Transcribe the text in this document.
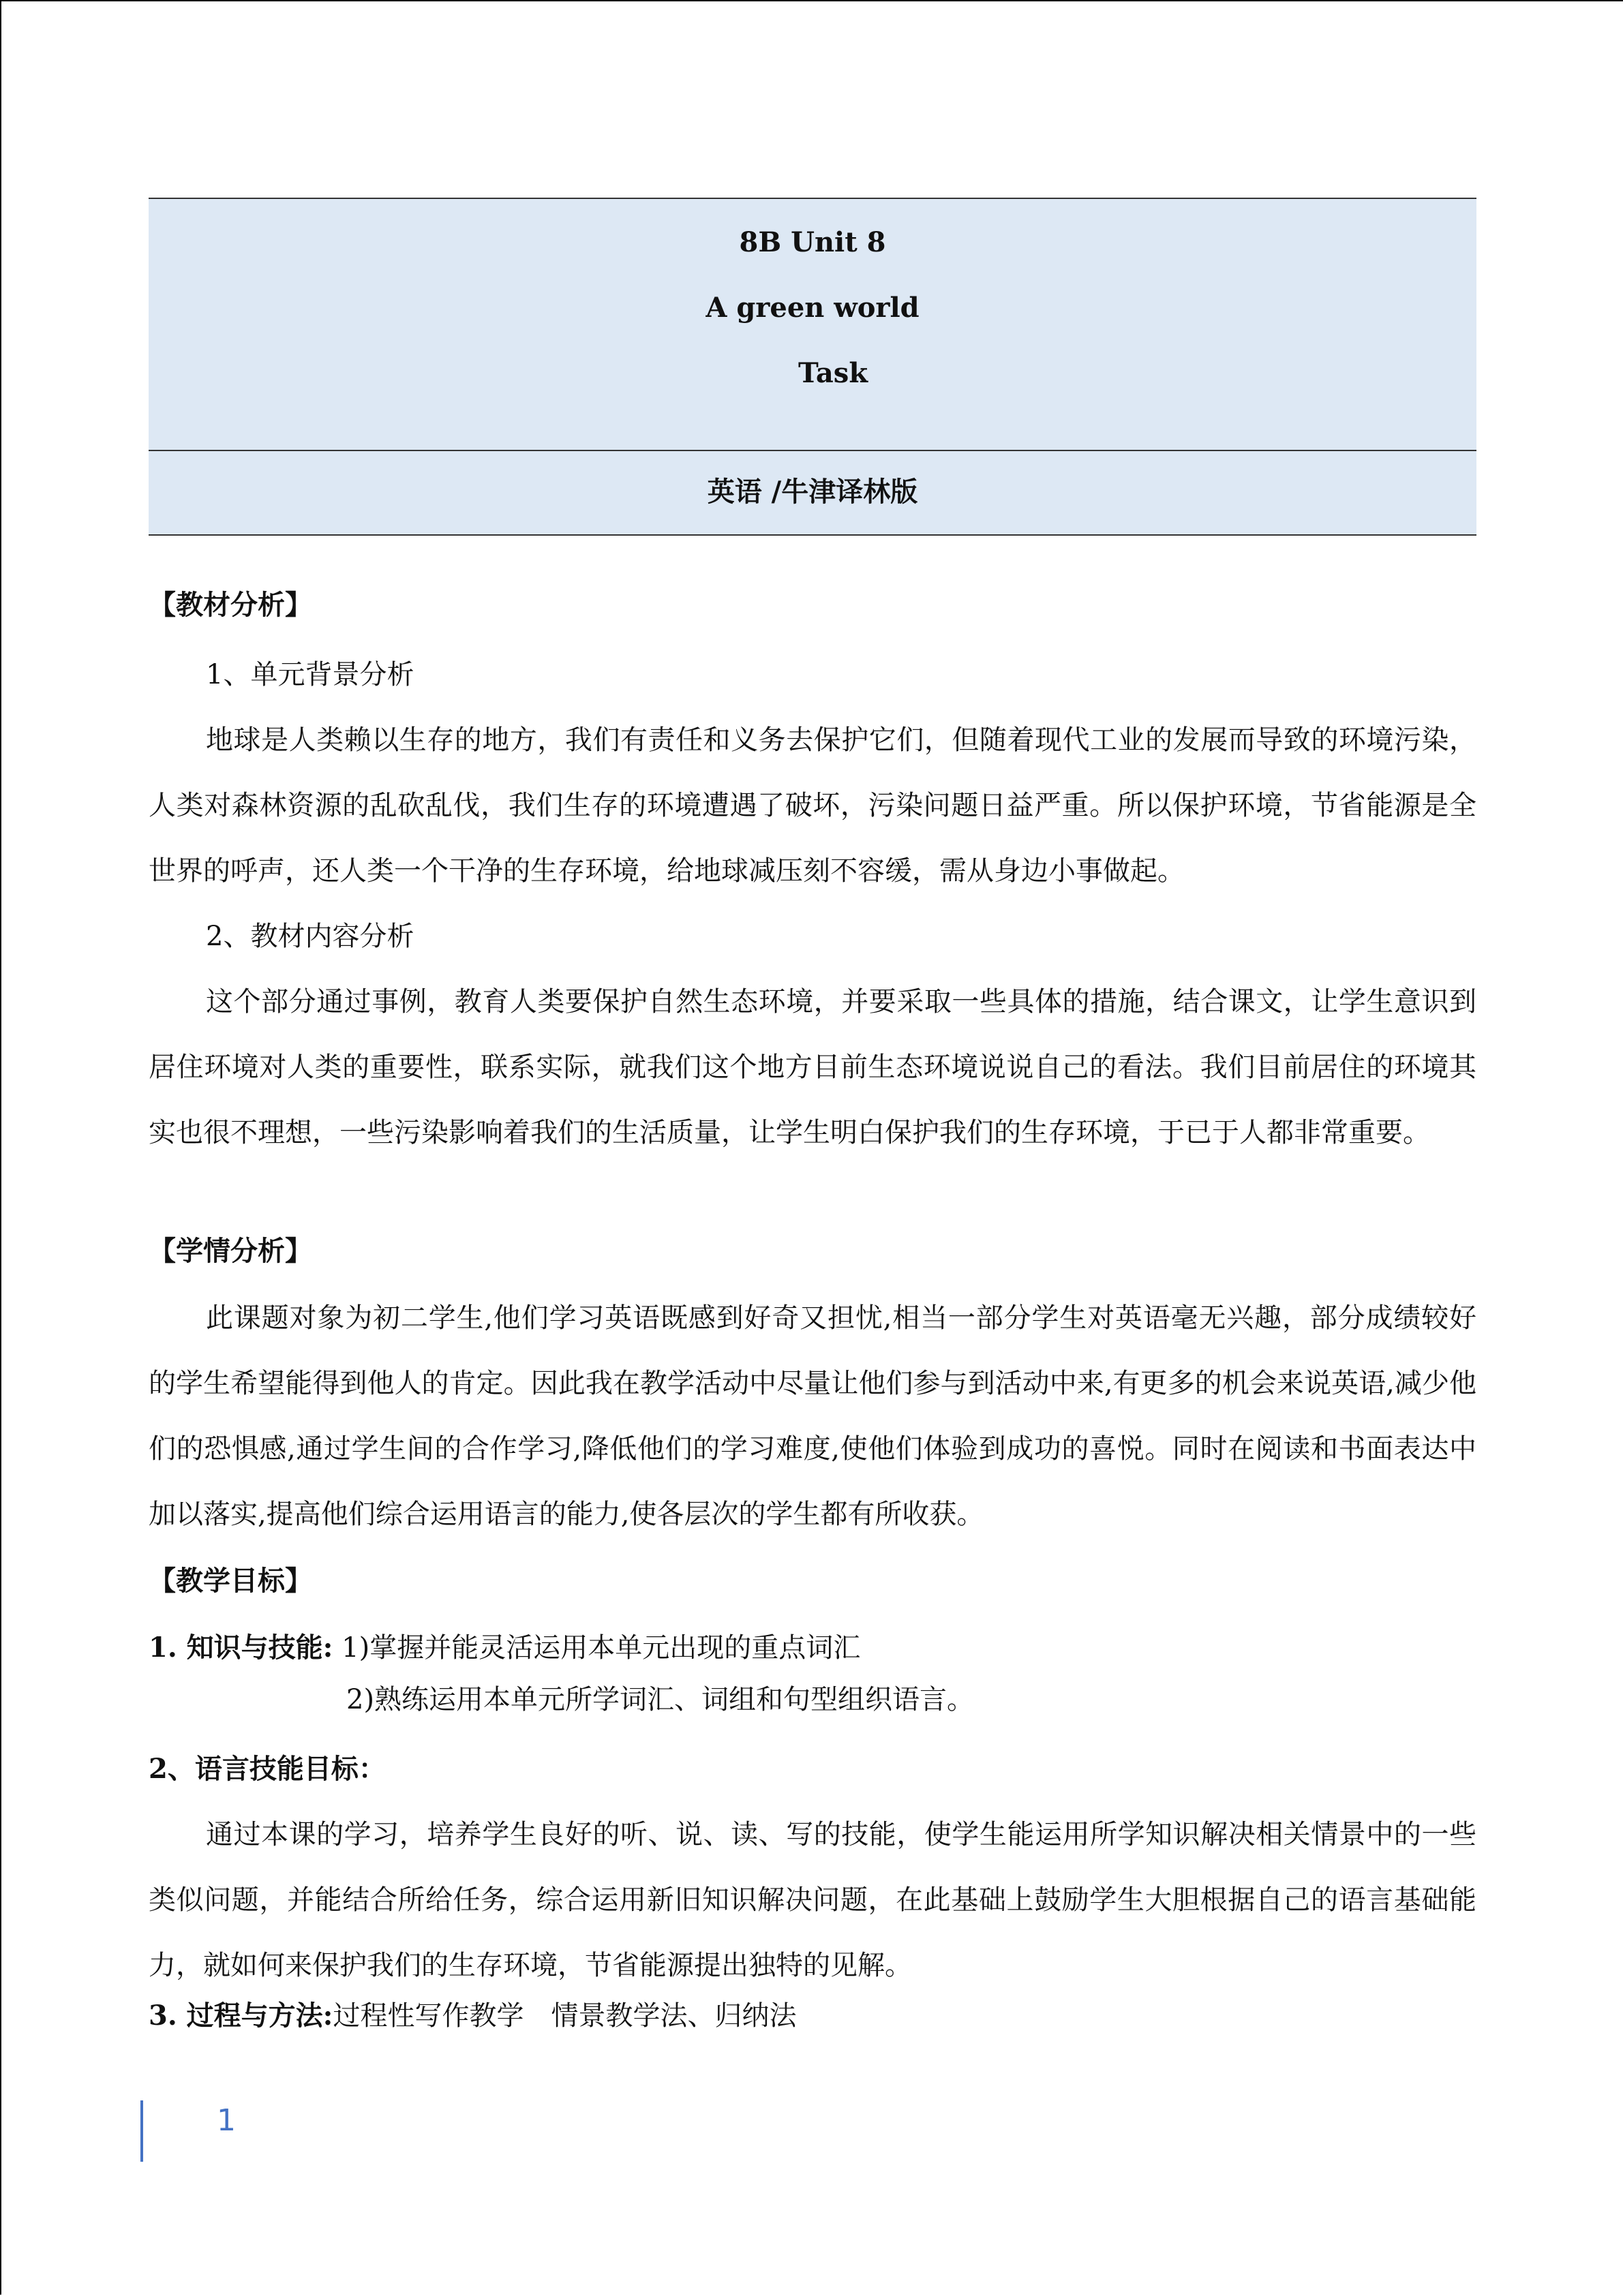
8B Unit 8
A green world
Task
英语 /牛津译林版
【教材分析】
1、单元背景分析
地球是人类赖以生存的地方，我们有责任和义务去保护它们，但随着现代工业的发展而导致的环境污染，人类对森林资源的乱砍乱伐，我们生存的环境遭遇了破坏，污染问题日益严重。所以保护环境，节省能源是全世界的呼声，还人类一个干净的生存环境，给地球减压刻不容缓，需从身边小事做起。
2、教材内容分析
这个部分通过事例，教育人类要保护自然生态环境，并要采取一些具体的措施，结合课文，让学生意识到居住环境对人类的重要性，联系实际，就我们这个地方目前生态环境说说自己的看法。我们目前居住的环境其实也很不理想，一些污染影响着我们的生活质量，让学生明白保护我们的生存环境，于已于人都非常重要。
【学情分析】
此课题对象为初二学生,他们学习英语既感到好奇又担忧,相当一部分学生对英语毫无兴趣，部分成绩较好的学生希望能得到他人的肯定。因此我在教学活动中尽量让他们参与到活动中来,有更多的机会来说英语,减少他们的恐惧感,通过学生间的合作学习,降低他们的学习难度,使他们体验到成功的喜悦。同时在阅读和书面表达中加以落实,提高他们综合运用语言的能力,使各层次的学生都有所收获。
【教学目标】
1. 知识与技能: 1)掌握并能灵活运用本单元出现的重点词汇
2)熟练运用本单元所学词汇、词组和句型组织语言。
2、语言技能目标：
通过本课的学习，培养学生良好的听、说、读、写的技能，使学生能运用所学知识解决相关情景中的一些类似问题，并能结合所给任务，综合运用新旧知识解决问题，在此基础上鼓励学生大胆根据自己的语言基础能力，就如何来保护我们的生存环境，节省能源提出独特的见解。
3. 过程与方法:过程性写作教学　情景教学法、归纳法
1
